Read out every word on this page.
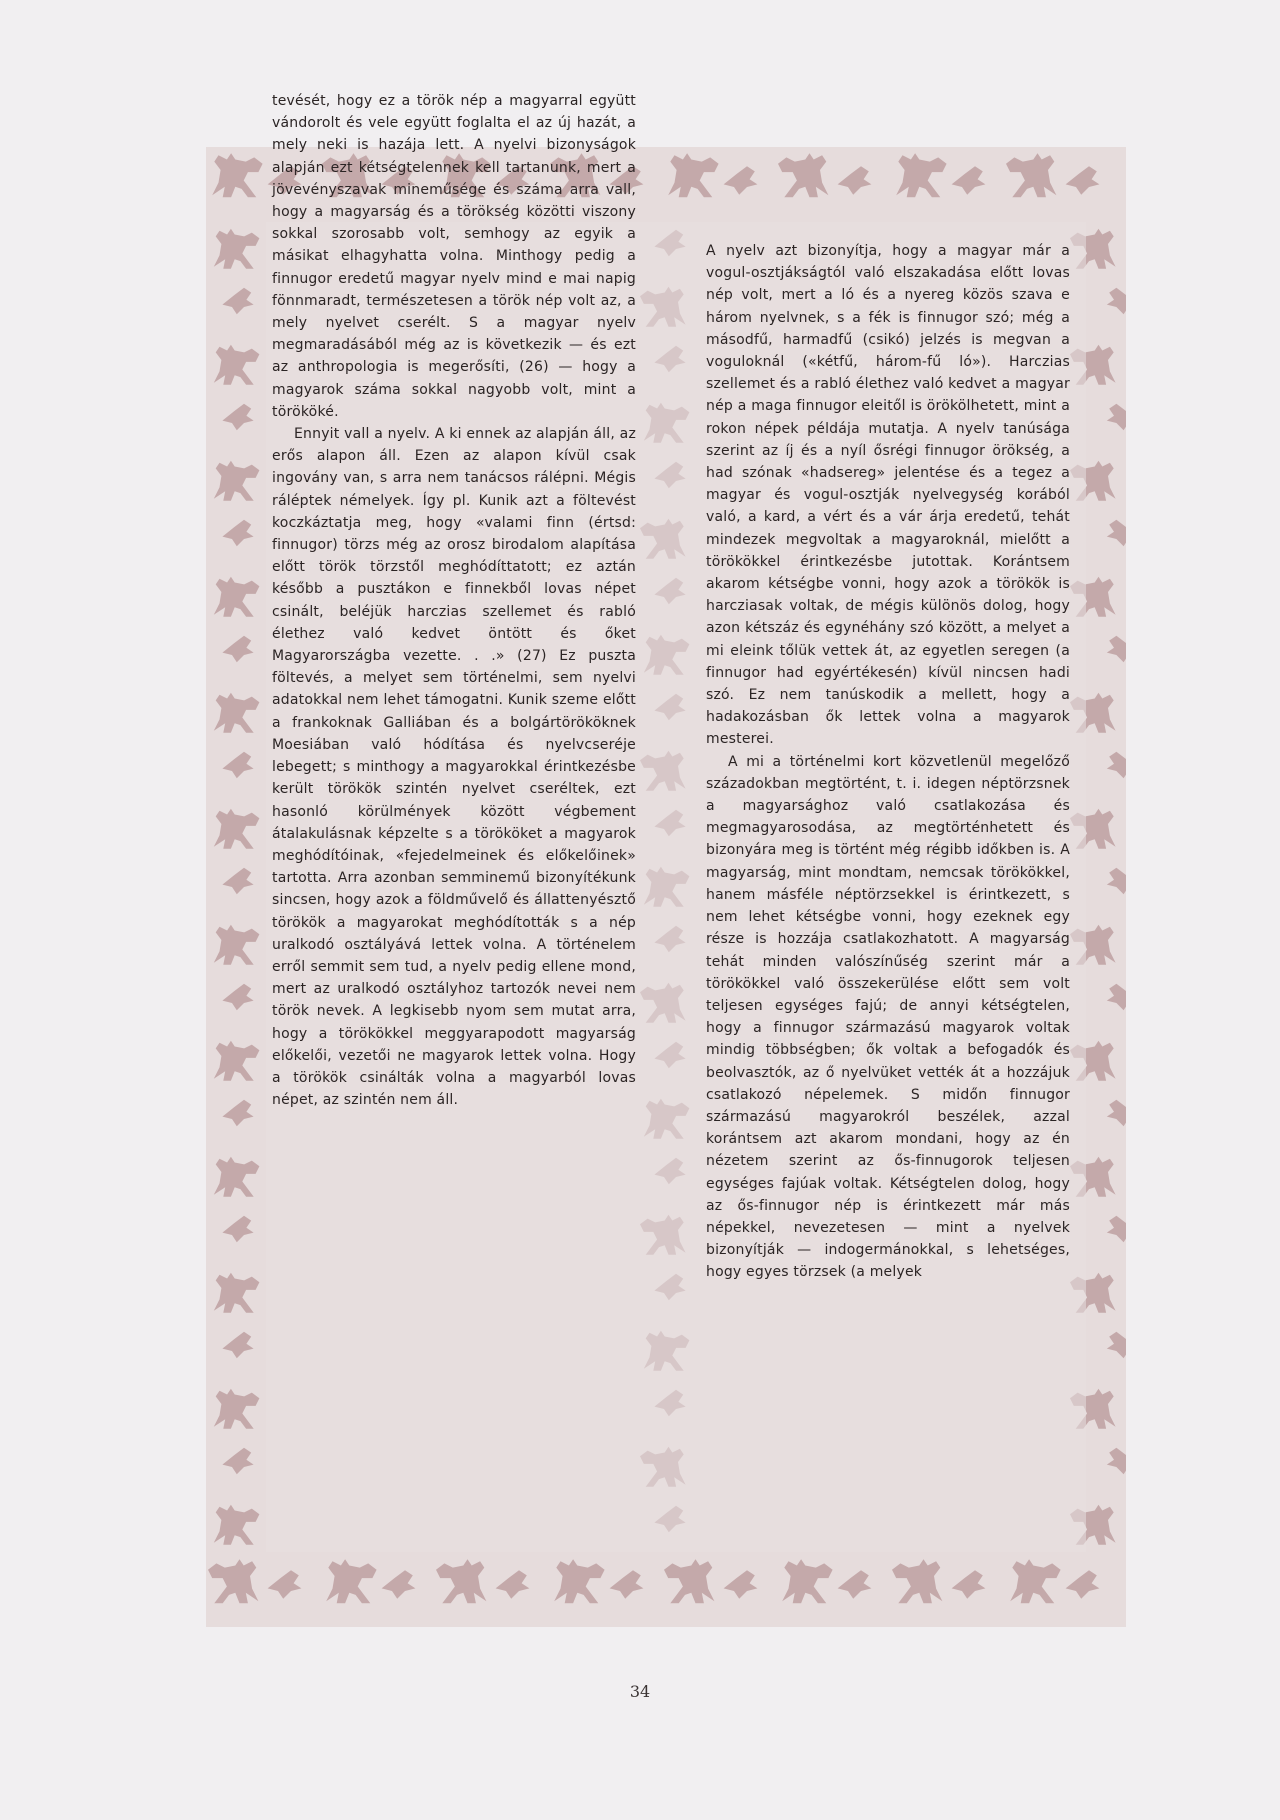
tevését, hogy ez a török nép a magyarral együtt vándorolt és vele együtt foglalta el az új hazát, a mely neki is hazája lett. A nyelvi bizonyságok alapján ezt kétségtelennek kell tartanunk, mert a jövevényszavak mineműsége és száma arra vall, hogy a magyarság és a törökség közötti viszony sokkal szorosabb volt, semhogy az egyik a másikat elhagyhatta volna. Minthogy pedig a finnugor eredetű magyar nyelv mind e mai napig fönnmaradt, természetesen a török nép volt az, a mely nyelvet cserélt. S a magyar nyelv megmaradásából még az is következik — és ezt az anthropologia is megerősíti, (26) — hogy a magyarok száma sokkal nagyobb volt, mint a törököké.

Ennyit vall a nyelv. A ki ennek az alapján áll, az erős alapon áll. Ezen az alapon kívül csak ingovány van, s arra nem tanácsos rálépni. Mégis ráléptek némelyek. Így pl. Kunik azt a föltevést koczkáztatja meg, hogy «valami finn (értsd: finnugor) törzs még az orosz birodalom alapítása előtt török törzstől meghódíttatott; ez aztán később a pusztákon e finnekből lovas népet csinált, beléjük harczias szellemet és rabló élethez való kedvet öntött és őket Magyarországba vezette. . .» (27) Ez puszta föltevés, a melyet sem történelmi, sem nyelvi adatokkal nem lehet támogatni. Kunik szeme előtt a frankoknak Galliában és a bolgártörököknek Moesiában való hódítása és nyelvcseréje lebegett; s minthogy a magyarokkal érintkezésbe került törökök szintén nyelvet cseréltek, ezt hasonló körülmények között végbement átalakulásnak képzelte s a törököket a magyarok meghódítóinak, «fejedelmeinek és előkelőinek» tartotta. Arra azonban semminemű bizonyítékunk sincsen, hogy azok a földművelő és állattenyésztő törökök a magyarokat meghódították s a nép uralkodó osztályává lettek volna. A történelem erről semmit sem tud, a nyelv pedig ellene mond, mert az uralkodó osztályhoz tartozók nevei nem török nevek. A legkisebb nyom sem mutat arra, hogy a törökökkel meggyarapodott magyarság előkelői, vezetői ne magyarok lettek volna. Hogy a törökök csinálták volna a magyarból lovas népet, az szintén nem áll.

A nyelv azt bizonyítja, hogy a magyar már a vogul-osztjákságtól való elszakadása előtt lovas nép volt, mert a ló és a nyereg közös szava e három nyelvnek, s a fék is finnugor szó; még a másodfű, harmadfű (csikó) jelzés is megvan a voguloknál («kétfű, három-fű ló»). Harczias szellemet és a rabló élethez való kedvet a magyar nép a maga finnugor eleitől is örökölhetett, mint a rokon népek példája mutatja. A nyelv tanúsága szerint az íj és a nyíl ősrégi finnugor örökség, a had szónak «hadsereg» jelentése és a tegez a magyar és vogul-osztják nyelvegység korából való, a kard, a vért és a vár árja eredetű, tehát mindezek megvoltak a magyaroknál, mielőtt a törökökkel érintkezésbe jutottak. Korántsem akarom kétségbe vonni, hogy azok a törökök is harcziasak voltak, de mégis különös dolog, hogy azon kétszáz és egynéhány szó között, a melyet a mi eleink tőlük vettek át, az egyetlen seregen (a finnugor had egyértékesén) kívül nincsen hadi szó. Ez nem tanúskodik a mellett, hogy a hadakozásban ők lettek volna a magyarok mesterei.

A mi a történelmi kort közvetlenül megelőző századokban megtörtént, t. i. idegen néptörzsnek a magyarsághoz való csatlakozása és megmagyarosodása, az megtörténhetett és bizonyára meg is történt még régibb időkben is. A magyarság, mint mondtam, nemcsak törökökkel, hanem másféle néptörzsekkel is érintkezett, s nem lehet kétségbe vonni, hogy ezeknek egy része is hozzája csatlakozhatott. A magyarság tehát minden valószínűség szerint már a törökökkel való összekerülése előtt sem volt teljesen egységes fajú; de annyi kétségtelen, hogy a finnugor származású magyarok voltak mindig többségben; ők voltak a befogadók és beolvasztók, az ő nyelvüket vették át a hozzájuk csatlakozó népelemek. S midőn finnugor származású magyarokról beszélek, azzal korántsem azt akarom mondani, hogy az én nézetem szerint az ős-finnugorok teljesen egységes fajúak voltak. Kétségtelen dolog, hogy az ős-finnugor nép is érintkezett már más népekkel, nevezetesen — mint a nyelvek bizonyítják — indogermánokkal, s lehetséges, hogy egyes törzsek (a melyek

34
